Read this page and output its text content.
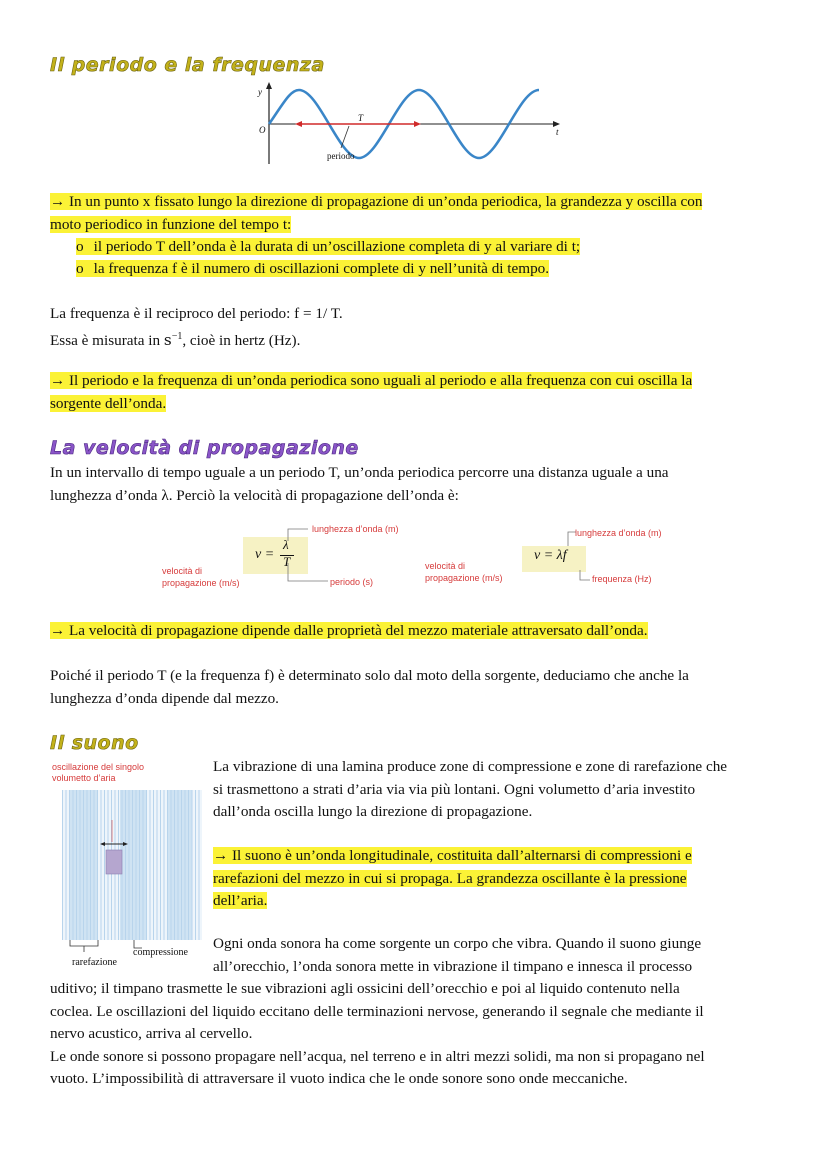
Il periodo e la frequenza
y
O	t
T
periodo
→ In un punto x fissato lungo la direzione di propagazione di un’onda periodica, la grandezza y oscilla con
moto periodico in funzione del tempo t:
o il periodo T dell’onda è la durata di un’oscillazione completa di y al variare di t;
o la frequenza f è il numero di oscillazioni complete di y nell’unità di tempo.
La frequenza è il reciproco del periodo: f = 1/ T.
Essa è misurata in $s^{-1}$, cioè in hertz (Hz).
→ Il periodo e la frequenza di un’onda periodica sono uguali al periodo e alla frequenza con cui oscilla la
sorgente dell’onda.
La velocità di propagazione
In un intervallo di tempo uguale a un periodo T, un’onda periodica percorre una distanza uguale a una
lunghezza d’onda λ. Perciò la velocità di propagazione dell’onda è:
v =
λ
T
lunghezza d’onda (m)
velocità di
propagazione (m/s)	periodo (s)
v = λf
lunghezza d’onda (m)
velocità di
propagazione (m/s)	frequenza (Hz)
→ La velocità di propagazione dipende dalle proprietà del mezzo materiale attraversato dall’onda.
Poiché il periodo T (e la frequenza f) è determinato solo dal moto della sorgente, deduciamo che anche la
lunghezza d’onda dipende dal mezzo.
Il suono
oscillazione del singolo
volumetto d’aria
compressione
rarefazione
La vibrazione di una lamina produce zone di compressione e zone di rarefazione che
si trasmettono a strati d’aria via via più lontani. Ogni volumetto d’aria investito
dall’onda oscilla lungo la direzione di propagazione.
→ Il suono è un’onda longitudinale, costituita dall’alternarsi di compressioni e
rarefazioni del mezzo in cui si propaga. La grandezza oscillante è la pressione
dell’aria.
Ogni onda sonora ha come sorgente un corpo che vibra. Quando il suono giunge
all’orecchio, l’onda sonora mette in vibrazione il timpano e innesca il processo
uditivo; il timpano trasmette le sue vibrazioni agli ossicini dell’orecchio e poi al liquido contenuto nella
coclea. Le oscillazioni del liquido eccitano delle terminazioni nervose, generando il segnale che mediante il
nervo acustico, arriva al cervello.
Le onde sonore si possono propagare nell’acqua, nel terreno e in altri mezzi solidi, ma non si propagano nel
vuoto. L’impossibilità di attraversare il vuoto indica che le onde sonore sono onde meccaniche.
